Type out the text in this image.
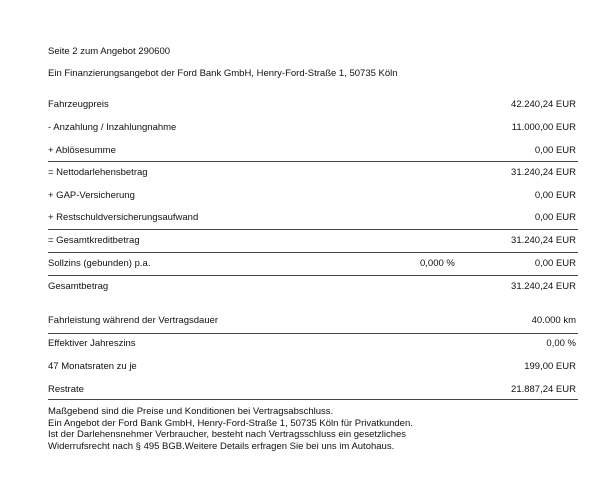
Seite 2 zum Angebot 290600
Ein Finanzierungsangebot der Ford Bank GmbH, Henry-Ford-Straße 1, 50735 Köln
Fahrzeugpreis	42.240,24 EUR
- Anzahlung / Inzahlungnahme	11.000,00 EUR
+ Ablösesumme	0,00 EUR
= Nettodarlehensbetrag	31.240,24 EUR
+ GAP-Versicherung	0,00 EUR
+ Restschuldversicherungsaufwand	0,00 EUR
= Gesamtkreditbetrag	31.240,24 EUR
Sollzins (gebunden) p.a.	0,000 %	0,00 EUR
Gesamtbetrag	31.240,24 EUR
Fahrleistung während der Vertragsdauer	40.000 km
Effektiver Jahreszins	0,00 %
47 Monatsraten zu je	199,00 EUR
Restrate	21.887,24 EUR
Maßgebend sind die Preise und Konditionen bei Vertragsabschluss.
Ein Angebot der Ford Bank GmbH, Henry-Ford-Straße 1, 50735 Köln für Privatkunden.
Ist der Darlehensnehmer Verbraucher, besteht nach Vertragsschluss ein gesetzliches
Widerrufsrecht nach § 495 BGB.Weitere Details erfragen Sie bei uns im Autohaus.
